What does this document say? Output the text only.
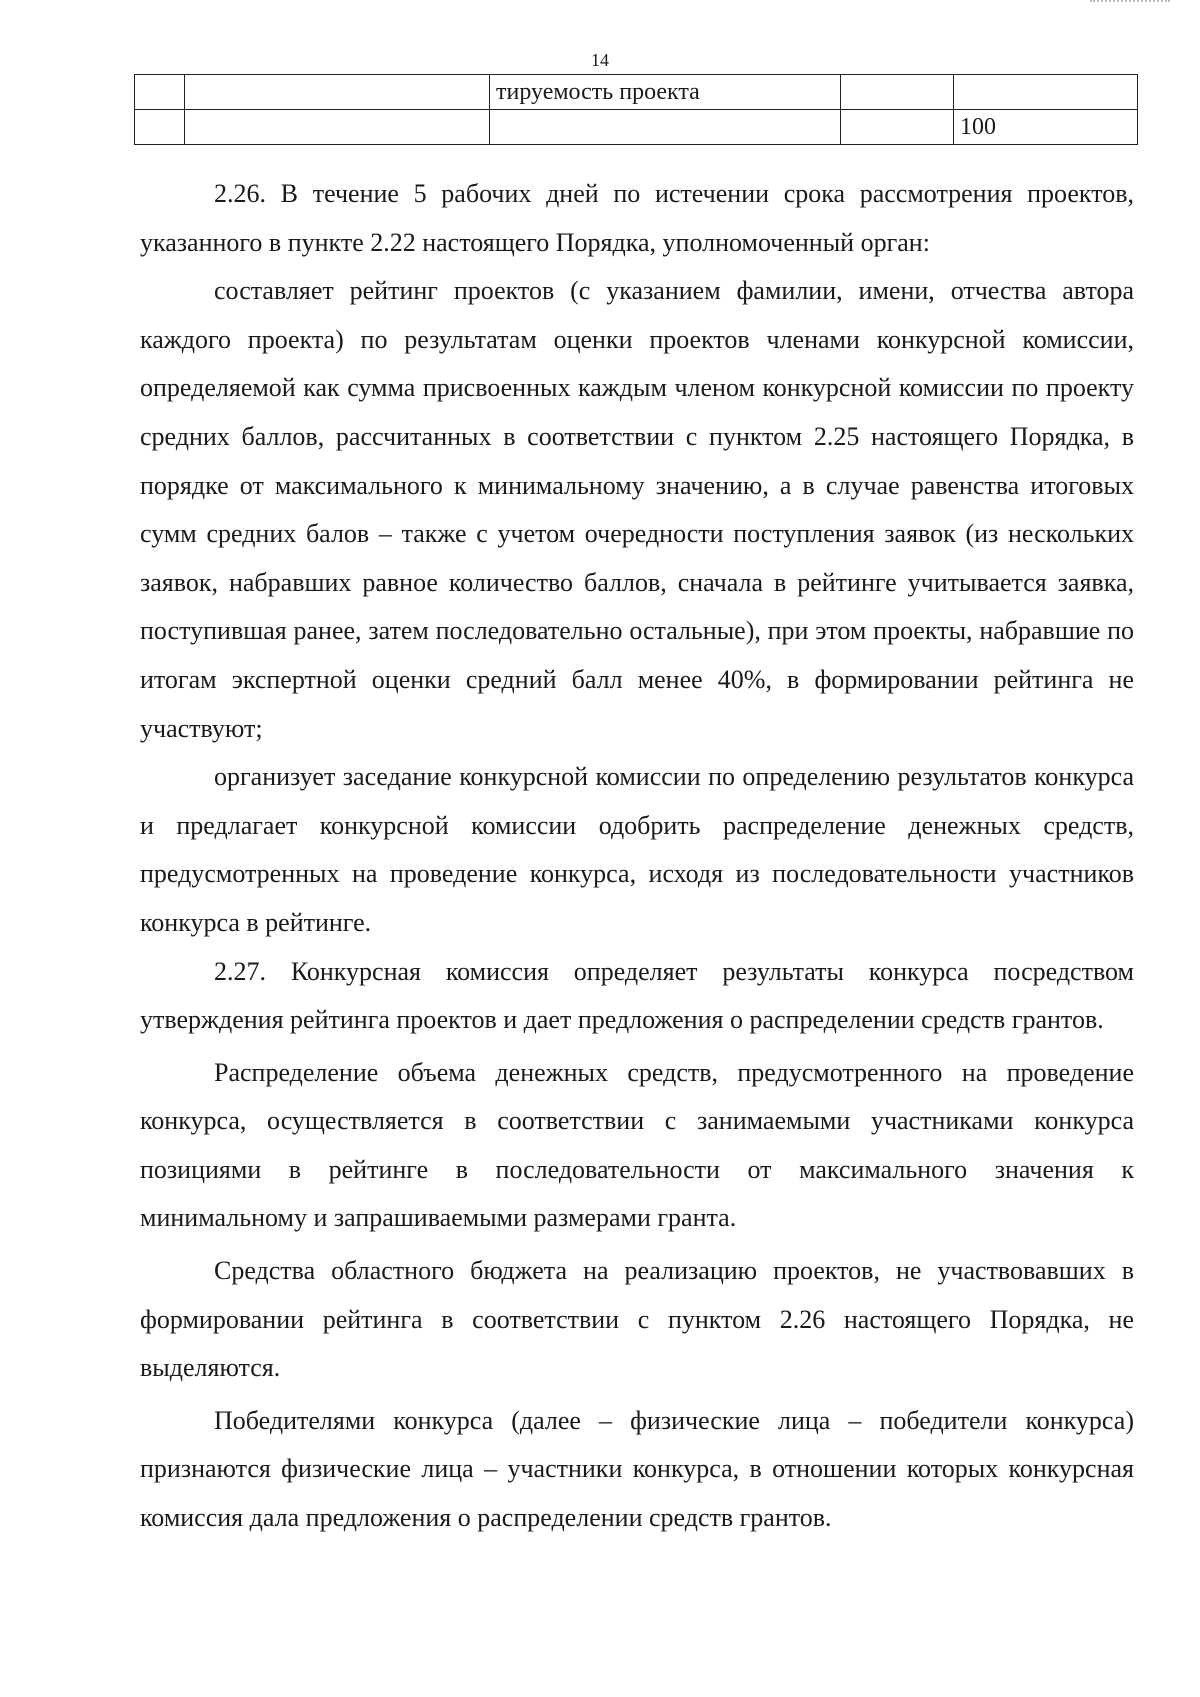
14
		тируемость проекта		
				100

2.26. В течение 5 рабочих дней по истечении срока рассмотрения проектов, указанного в пункте 2.22 настоящего Порядка, уполномоченный орган:

составляет рейтинг проектов (с указанием фамилии, имени, отчества автора каждого проекта) по результатам оценки проектов членами конкурсной комиссии, определяемой как сумма присвоенных каждым членом конкурсной комиссии по проекту средних баллов, рассчитанных в соответствии с пунктом 2.25 настоящего Порядка, в порядке от максимального к минимальному значению, а в случае равенства итоговых сумм средних балов – также с учетом очередности поступления заявок (из нескольких заявок, набравших равное количество баллов, сначала в рейтинге учитывается заявка, поступившая ранее, затем последовательно остальные), при этом проекты, набравшие по итогам экспертной оценки средний балл менее 40%, в формировании рейтинга не участвуют;

организует заседание конкурсной комиссии по определению результатов конкурса и предлагает конкурсной комиссии одобрить распределение денежных средств, предусмотренных на проведение конкурса, исходя из последовательности участников конкурса в рейтинге.

2.27. Конкурсная комиссия определяет результаты конкурса посредством утверждения рейтинга проектов и дает предложения о распределении средств грантов.

Распределение объема денежных средств, предусмотренного на проведение конкурса, осуществляется в соответствии с занимаемыми участниками конкурса позициями в рейтинге в последовательности от максимального значения к минимальному и запрашиваемыми размерами гранта.

Средства областного бюджета на реализацию проектов, не участвовавших в формировании рейтинга в соответствии с пунктом 2.26 настоящего Порядка, не выделяются.

Победителями конкурса (далее – физические лица – победители конкурса) признаются физические лица – участники конкурса, в отношении которых конкурсная комиссия дала предложения о распределении средств грантов.
